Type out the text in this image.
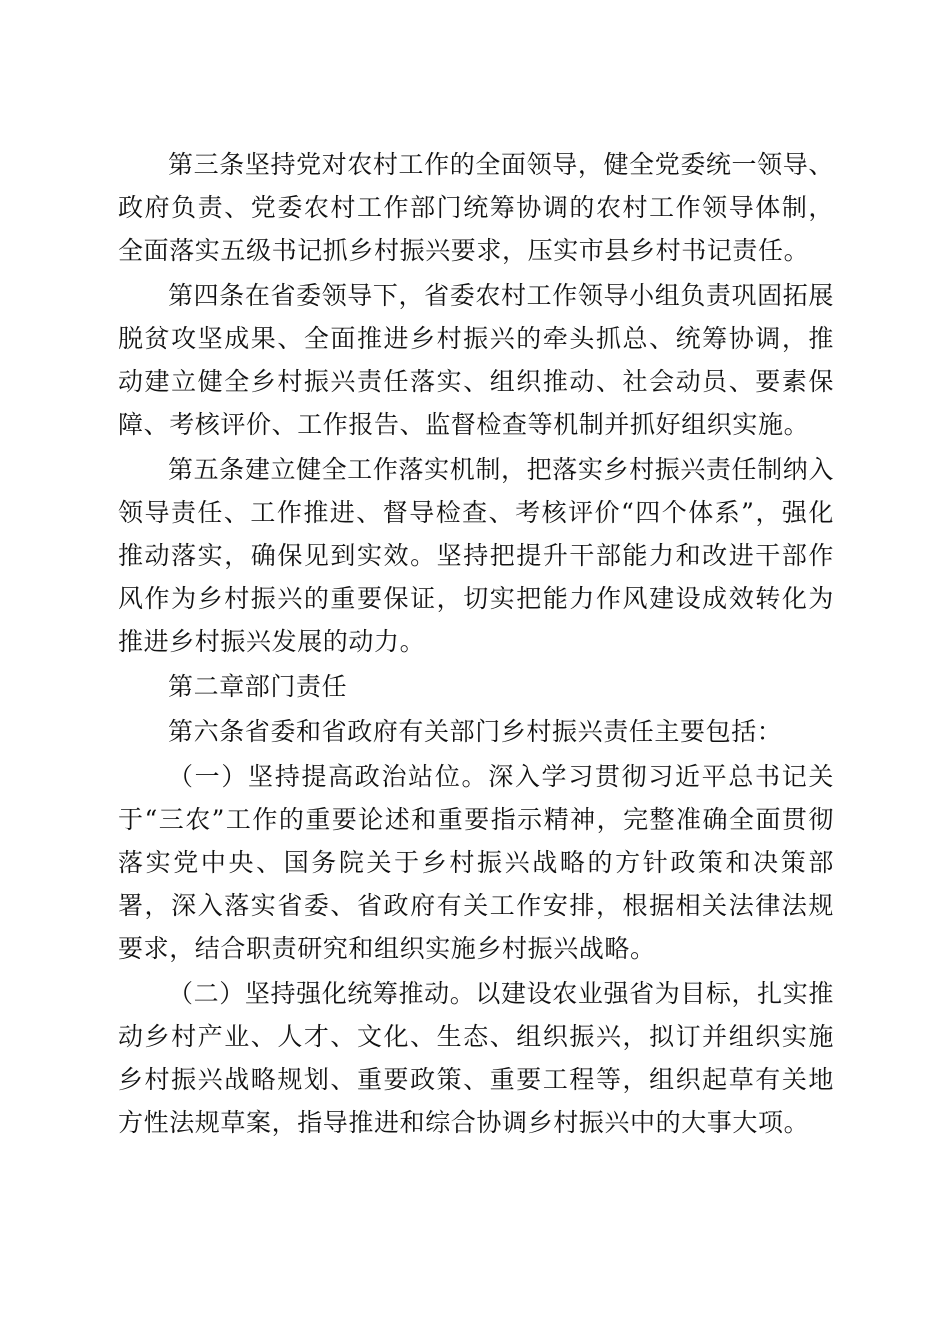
第三条坚持党对农村工作的全面领导，健全党委统一领导、政府负责、党委农村工作部门统筹协调的农村工作领导体制，全面落实五级书记抓乡村振兴要求，压实市县乡村书记责任。

第四条在省委领导下，省委农村工作领导小组负责巩固拓展脱贫攻坚成果、全面推进乡村振兴的牵头抓总、统筹协调，推动建立健全乡村振兴责任落实、组织推动、社会动员、要素保障、考核评价、工作报告、监督检查等机制并抓好组织实施。

第五条建立健全工作落实机制，把落实乡村振兴责任制纳入领导责任、工作推进、督导检查、考核评价“四个体系”，强化推动落实，确保见到实效。坚持把提升干部能力和改进干部作风作为乡村振兴的重要保证，切实把能力作风建设成效转化为推进乡村振兴发展的动力。

第二章部门责任

第六条省委和省政府有关部门乡村振兴责任主要包括：

（一）坚持提高政治站位。深入学习贯彻习近平总书记关于“三农”工作的重要论述和重要指示精神，完整准确全面贯彻落实党中央、国务院关于乡村振兴战略的方针政策和决策部署，深入落实省委、省政府有关工作安排，根据相关法律法规要求，结合职责研究和组织实施乡村振兴战略。

（二）坚持强化统筹推动。以建设农业强省为目标，扎实推动乡村产业、人才、文化、生态、组织振兴，拟订并组织实施乡村振兴战略规划、重要政策、重要工程等，组织起草有关地方性法规草案，指导推进和综合协调乡村振兴中的大事大项。
